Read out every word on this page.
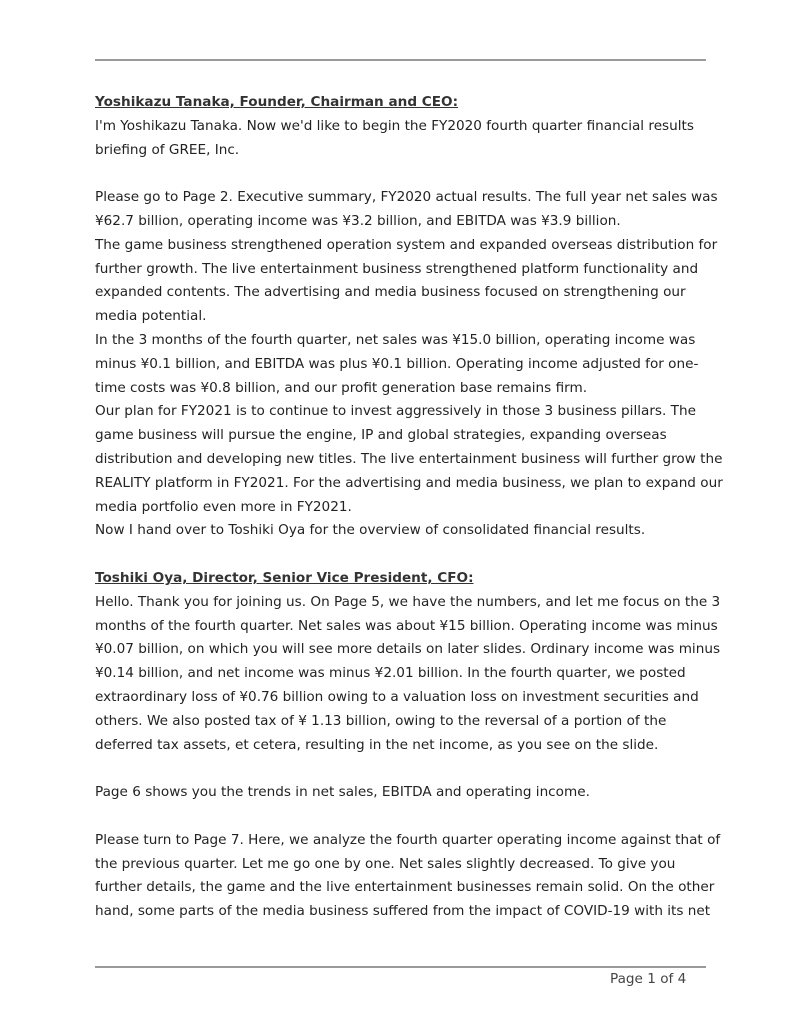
Yoshikazu Tanaka, Founder, Chairman and CEO:
I'm Yoshikazu Tanaka. Now we'd like to begin the FY2020 fourth quarter financial results
briefing of GREE, Inc.
Please go to Page 2. Executive summary, FY2020 actual results. The full year net sales was
¥62.7 billion, operating income was ¥3.2 billion, and EBITDA was ¥3.9 billion.
The game business strengthened operation system and expanded overseas distribution for
further growth. The live entertainment business strengthened platform functionality and
expanded contents. The advertising and media business focused on strengthening our
media potential.
In the 3 months of the fourth quarter, net sales was ¥15.0 billion, operating income was
minus ¥0.1 billion, and EBITDA was plus ¥0.1 billion. Operating income adjusted for one-
time costs was ¥0.8 billion, and our profit generation base remains firm.
Our plan for FY2021 is to continue to invest aggressively in those 3 business pillars. The
game business will pursue the engine, IP and global strategies, expanding overseas
distribution and developing new titles. The live entertainment business will further grow the
REALITY platform in FY2021. For the advertising and media business, we plan to expand our
media portfolio even more in FY2021.
Now I hand over to Toshiki Oya for the overview of consolidated financial results.
Toshiki Oya, Director, Senior Vice President, CFO:
Hello. Thank you for joining us. On Page 5, we have the numbers, and let me focus on the 3
months of the fourth quarter. Net sales was about ¥15 billion. Operating income was minus
¥0.07 billion, on which you will see more details on later slides. Ordinary income was minus
¥0.14 billion, and net income was minus ¥2.01 billion. In the fourth quarter, we posted
extraordinary loss of ¥0.76 billion owing to a valuation loss on investment securities and
others. We also posted tax of ¥ 1.13 billion, owing to the reversal of a portion of the
deferred tax assets, et cetera, resulting in the net income, as you see on the slide.
Page 6 shows you the trends in net sales, EBITDA and operating income.
Please turn to Page 7. Here, we analyze the fourth quarter operating income against that of
the previous quarter. Let me go one by one. Net sales slightly decreased. To give you
further details, the game and the live entertainment businesses remain solid. On the other
hand, some parts of the media business suffered from the impact of COVID-19 with its net
Page 1 of 4
